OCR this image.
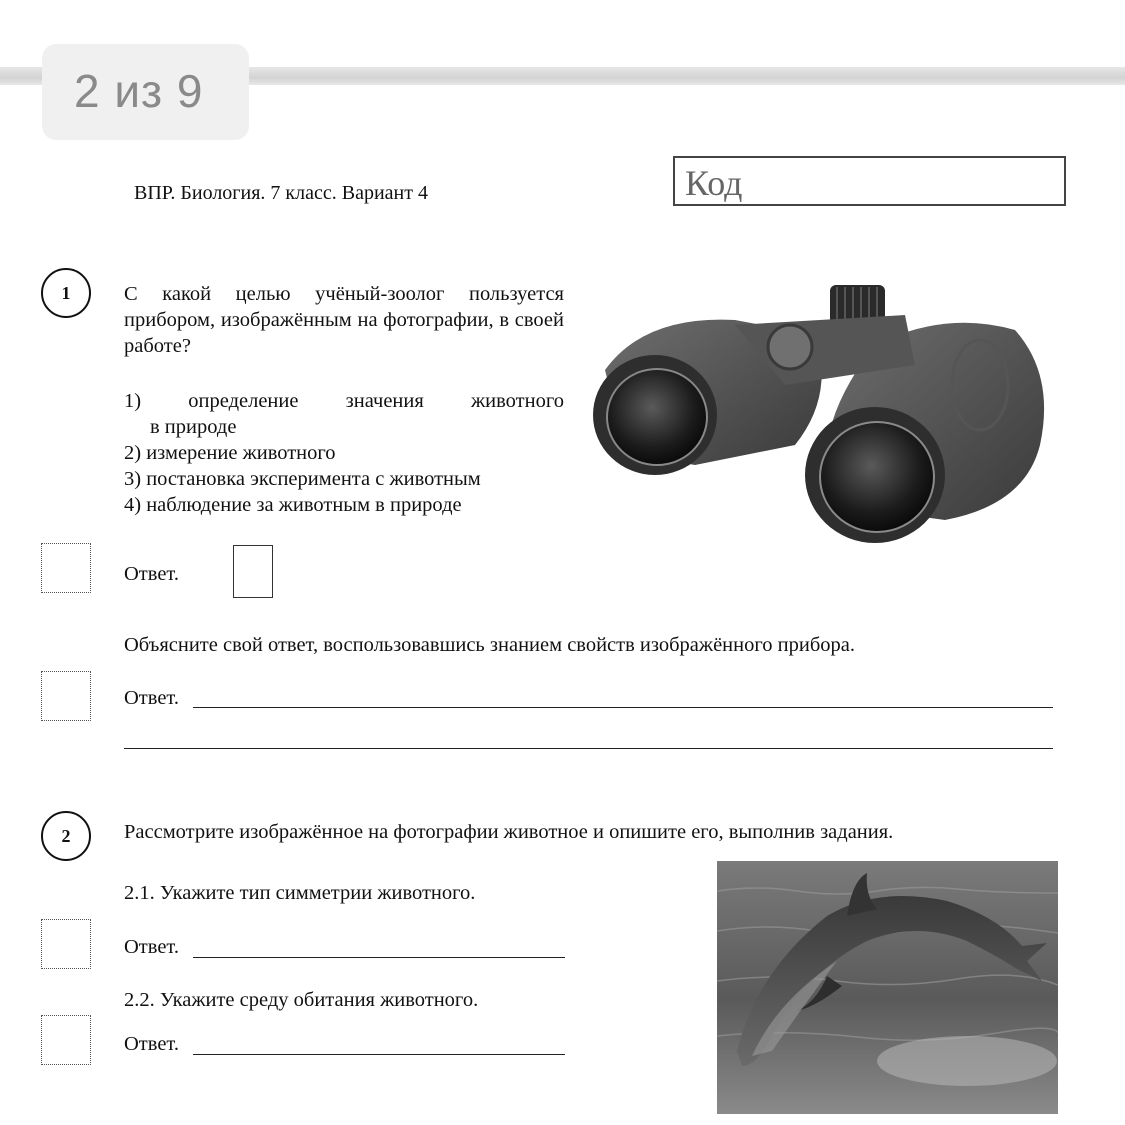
2 из 9
ВПР. Биология. 7 класс. Вариант 4	Код
1	С какой целью учёный-зоолог пользуется прибором, изображённым на фотографии, в своей работе?
1) определение значения животного
в природе
2) измерение животного
3) постановка эксперимента с животным
4) наблюдение за животным в природе
Ответ.
Объясните свой ответ, воспользовавшись знанием свойств изображённого прибора.
Ответ.
2	Рассмотрите изображённое на фотографии животное и опишите его, выполнив задания.
2.1. Укажите тип симметрии животного.
Ответ.
2.2. Укажите среду обитания животного.
Ответ.
